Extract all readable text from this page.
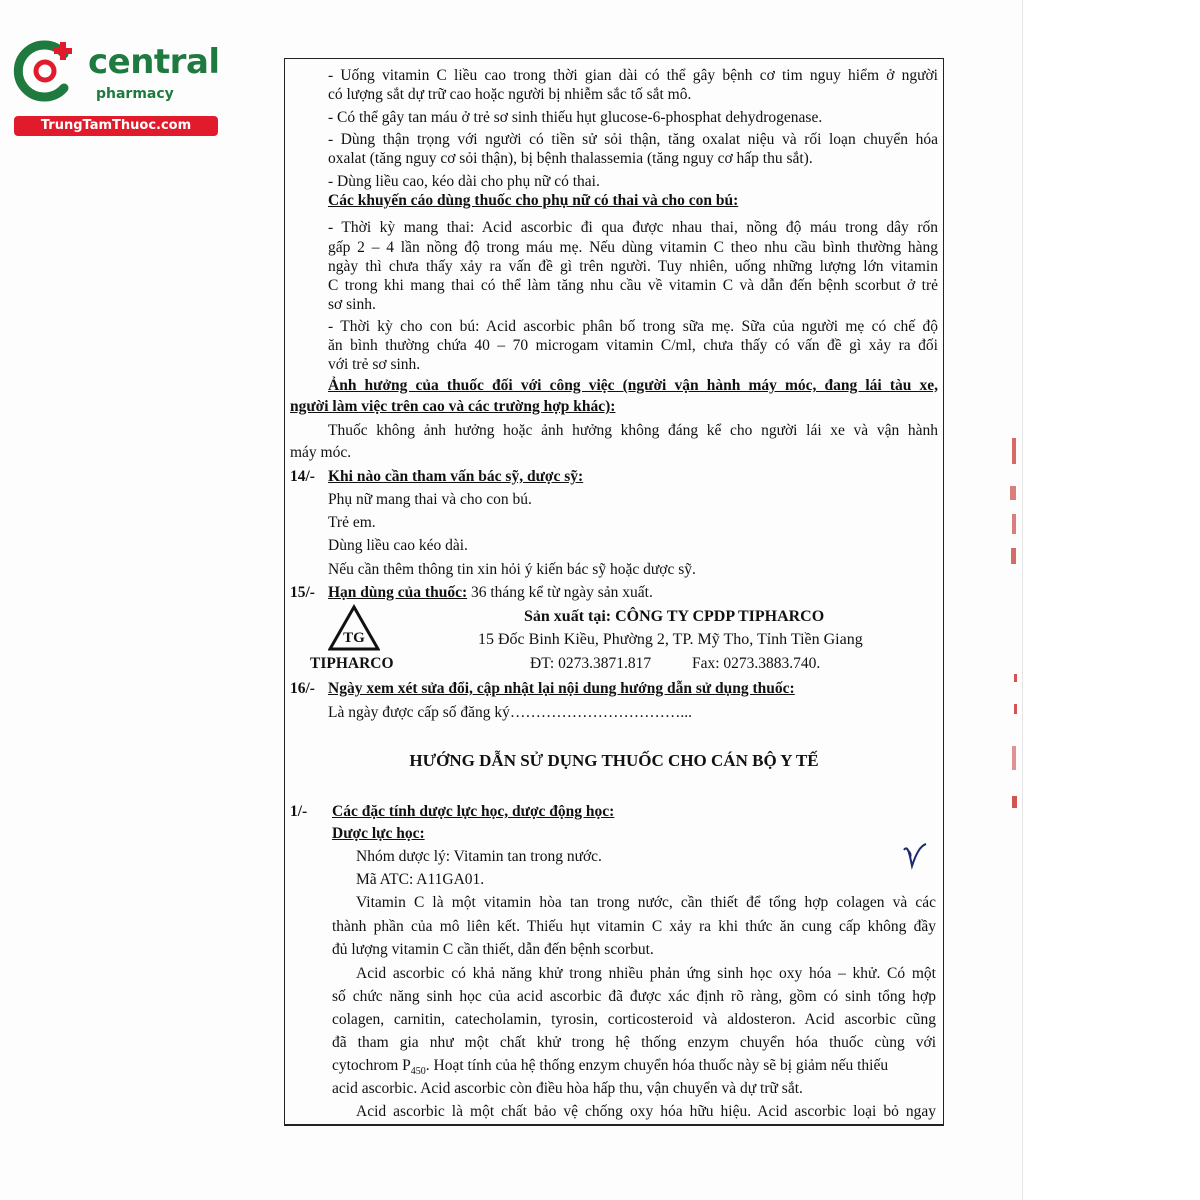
central
pharmacy
TrungTamThuoc.com
- Uống vitamin C liều cao trong thời gian dài có thể gây bệnh cơ tim nguy hiểm ở người
có lượng sắt dự trữ cao hoặc người bị nhiễm sắc tố sắt mô.
- Có thể gây tan máu ở trẻ sơ sinh thiếu hụt glucose-6-phosphat dehydrogenase.
- Dùng thận trọng với người có tiền sử sỏi thận, tăng oxalat niệu và rối loạn chuyển hóa
oxalat (tăng nguy cơ sỏi thận), bị bệnh thalassemia (tăng nguy cơ hấp thu sắt).
- Dùng liều cao, kéo dài cho phụ nữ có thai.
Các khuyến cáo dùng thuốc cho phụ nữ có thai và cho con bú:
- Thời kỳ mang thai: Acid ascorbic đi qua được nhau thai, nồng độ máu trong dây rốn
gấp 2 – 4 lần nồng độ trong máu mẹ. Nếu dùng vitamin C theo nhu cầu bình thường hàng
ngày thì chưa thấy xảy ra vấn đề gì trên người. Tuy nhiên, uống những lượng lớn vitamin
C trong khi mang thai có thể làm tăng nhu cầu về vitamin C và dẫn đến bệnh scorbut ở trẻ
sơ sinh.
- Thời kỳ cho con bú: Acid ascorbic phân bố trong sữa mẹ. Sữa của người mẹ có chế độ
ăn bình thường chứa 40 – 70 microgam vitamin C/ml, chưa thấy có vấn đề gì xảy ra đối
với trẻ sơ sinh.
Ảnh hưởng của thuốc đối với công việc (người vận hành máy móc, đang lái tàu xe,
người làm việc trên cao và các trường hợp khác):
Thuốc không ảnh hưởng hoặc ảnh hưởng không đáng kể cho người lái xe và vận hành
máy móc.
14/- Khi nào cần tham vấn bác sỹ, dược sỹ:
Phụ nữ mang thai và cho con bú.
Trẻ em.
Dùng liều cao kéo dài.
Nếu cần thêm thông tin xin hỏi ý kiến bác sỹ hoặc dược sỹ.
15/- Hạn dùng của thuốc: 36 tháng kể từ ngày sản xuất.
TG
TIPHARCO
Sản xuất tại: CÔNG TY CPDP TIPHARCO
15 Đốc Binh Kiều, Phường 2, TP. Mỹ Tho, Tỉnh Tiền Giang
ĐT: 0273.3871.817	Fax: 0273.3883.740.
16/- Ngày xem xét sửa đổi, cập nhật lại nội dung hướng dẫn sử dụng thuốc:
Là ngày được cấp số đăng ký……………………………...
HƯỚNG DẪN SỬ DỤNG THUỐC CHO CÁN BỘ Y TẾ
1/- Các đặc tính dược lực học, dược động học:
Dược lực học:
Nhóm dược lý: Vitamin tan trong nước.
Mã ATC: A11GA01.
Vitamin C là một vitamin hòa tan trong nước, cần thiết để tổng hợp colagen và các
thành phần của mô liên kết. Thiếu hụt vitamin C xảy ra khi thức ăn cung cấp không đầy
đủ lượng vitamin C cần thiết, dẫn đến bệnh scorbut.
Acid ascorbic có khả năng khử trong nhiều phản ứng sinh học oxy hóa – khử. Có một
số chức năng sinh học của acid ascorbic đã được xác định rõ ràng, gồm có sinh tổng hợp
colagen, carnitin, catecholamin, tyrosin, corticosteroid và aldosteron. Acid ascorbic cũng
đã tham gia như một chất khử trong hệ thống enzym chuyển hóa thuốc cùng với
cytochrom $P_{450}$. Hoạt tính của hệ thống enzym chuyển hóa thuốc này sẽ bị giảm nếu thiếu
acid ascorbic. Acid ascorbic còn điều hòa hấp thu, vận chuyển và dự trữ sắt.
Acid ascorbic là một chất bảo vệ chống oxy hóa hữu hiệu. Acid ascorbic loại bỏ ngay
